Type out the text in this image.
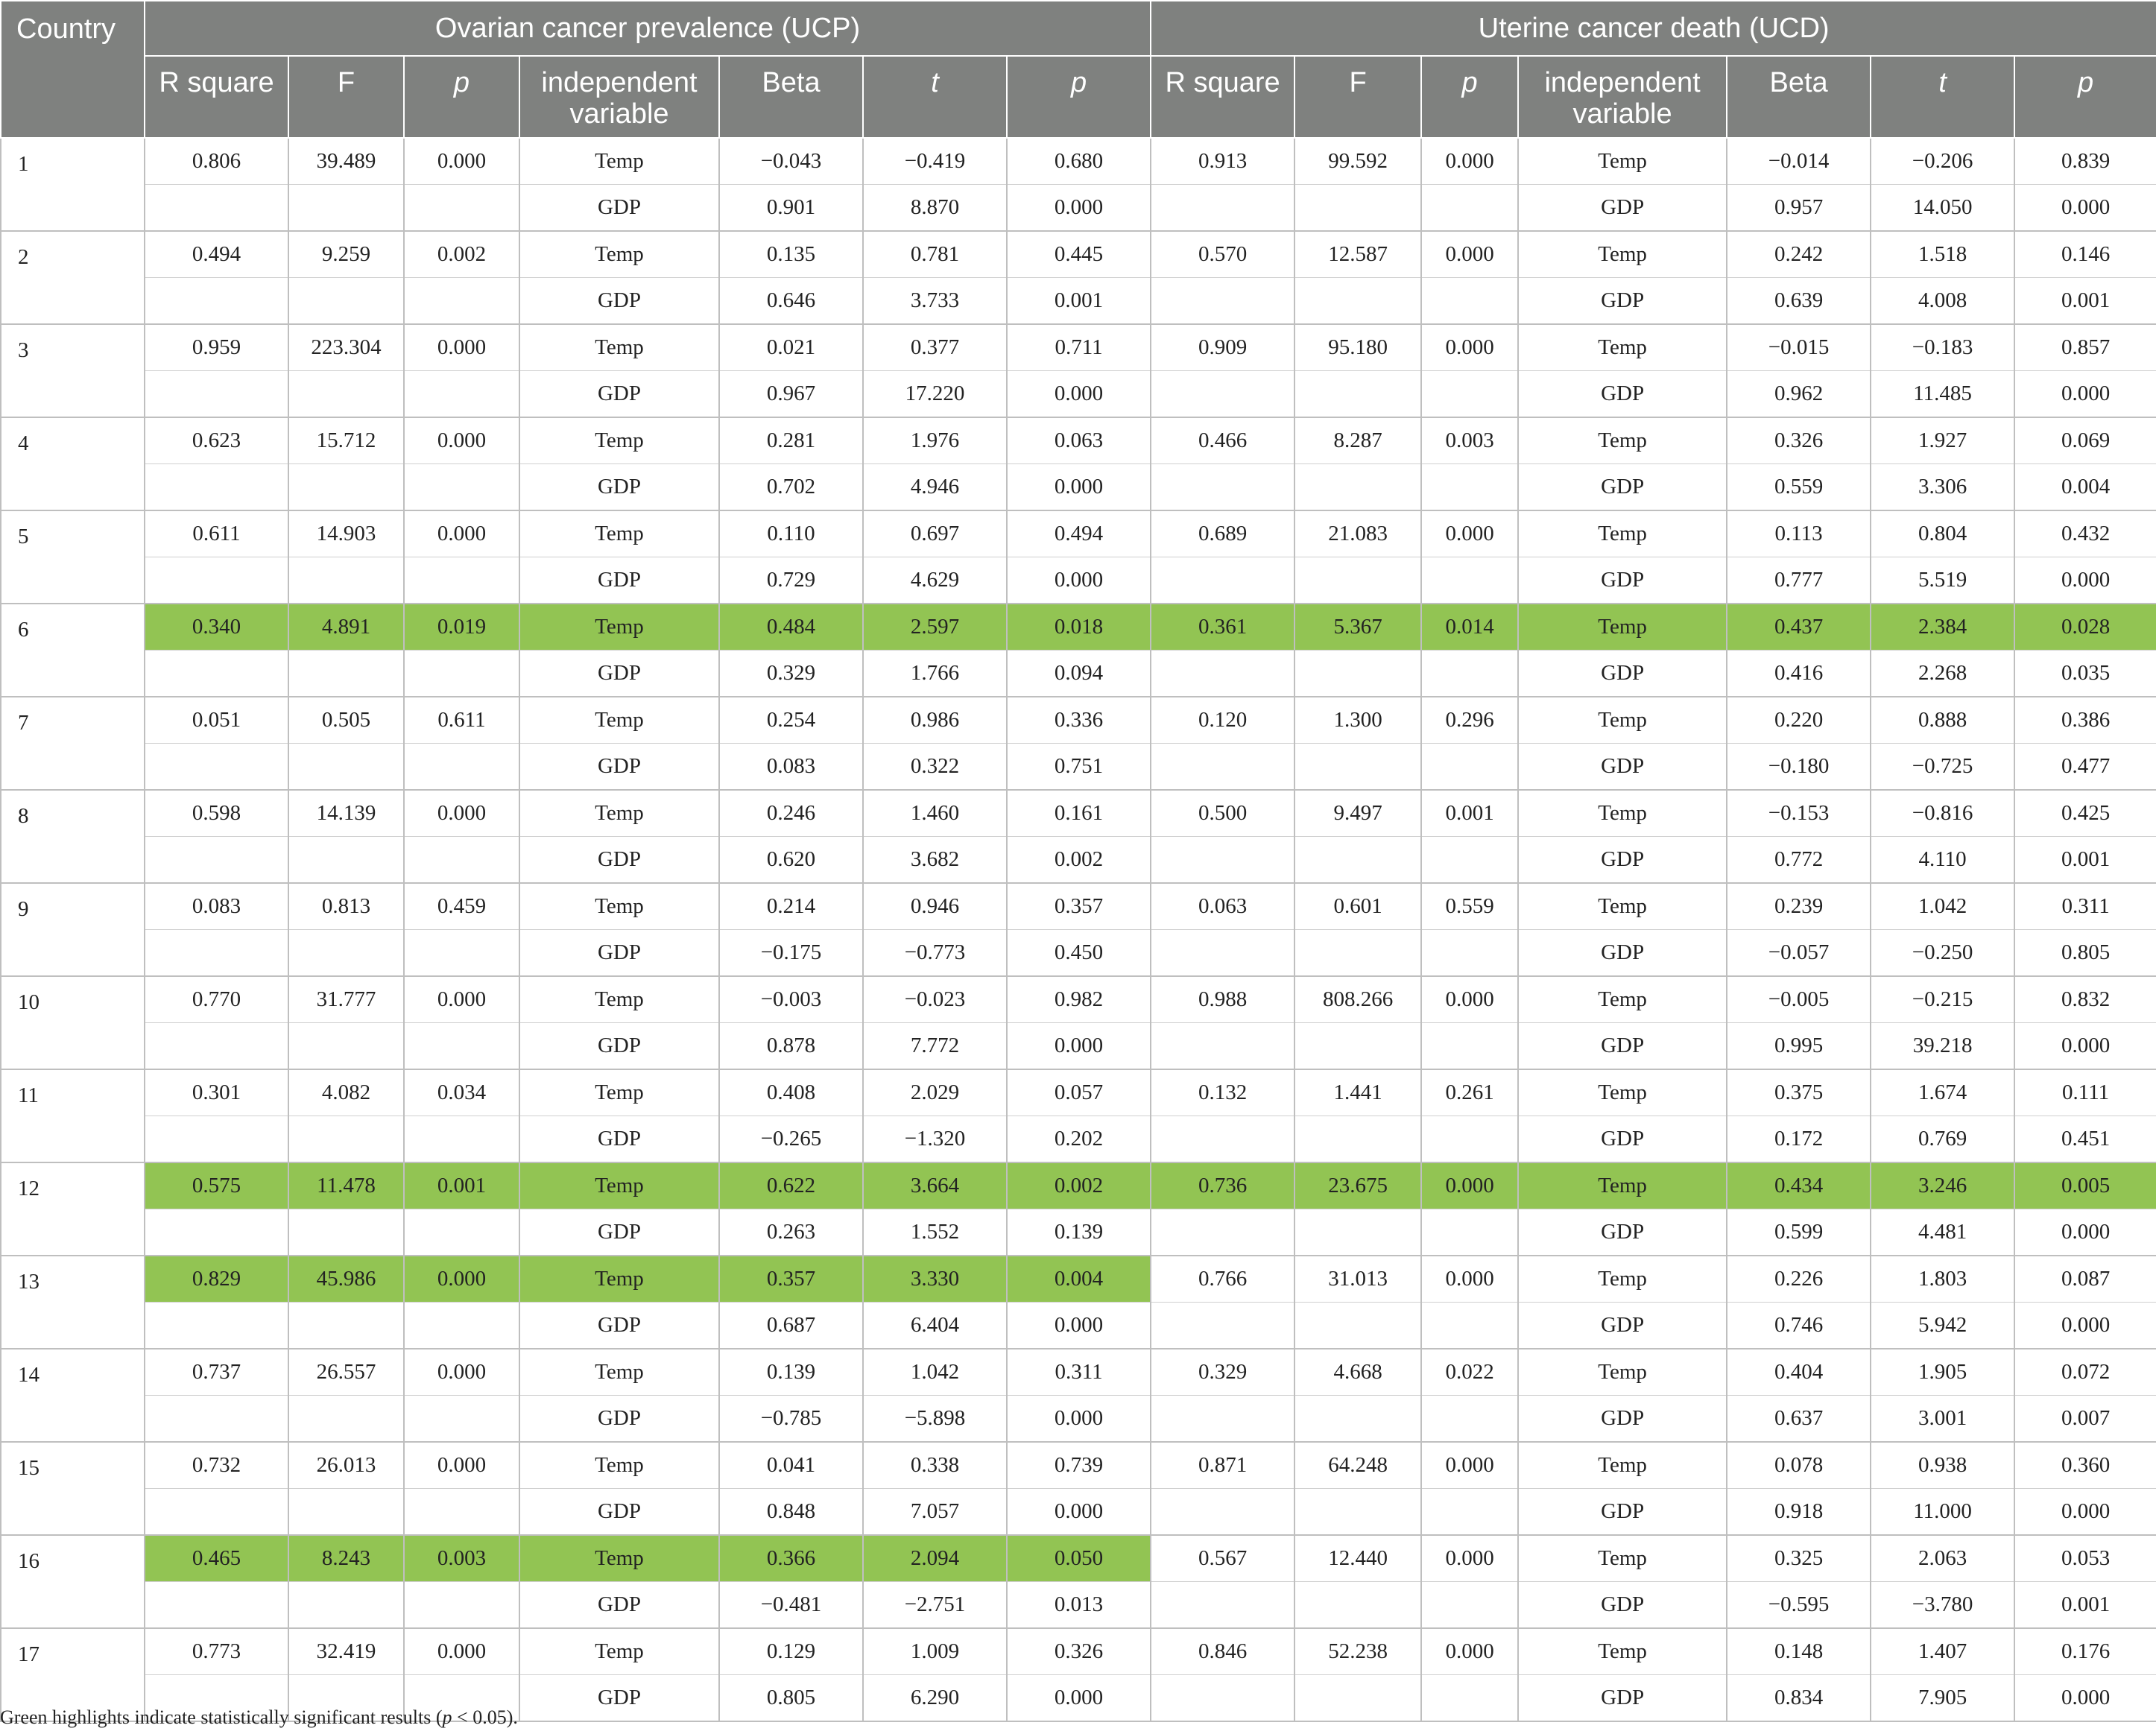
Country	Ovarian cancer prevalence (UCP)							Uterine cancer death (UCD)						
	R square	F	p	independent variable	Beta	t	p	R square	F	p	independent variable	Beta	t	p
1	0.806	39.489	0.000	Temp	−0.043	−0.419	0.680	0.913	99.592	0.000	Temp	−0.014	−0.206	0.839
				GDP	0.901	8.870	0.000				GDP	0.957	14.050	0.000
2	0.494	9.259	0.002	Temp	0.135	0.781	0.445	0.570	12.587	0.000	Temp	0.242	1.518	0.146
				GDP	0.646	3.733	0.001				GDP	0.639	4.008	0.001
3	0.959	223.304	0.000	Temp	0.021	0.377	0.711	0.909	95.180	0.000	Temp	−0.015	−0.183	0.857
				GDP	0.967	17.220	0.000				GDP	0.962	11.485	0.000
4	0.623	15.712	0.000	Temp	0.281	1.976	0.063	0.466	8.287	0.003	Temp	0.326	1.927	0.069
				GDP	0.702	4.946	0.000				GDP	0.559	3.306	0.004
5	0.611	14.903	0.000	Temp	0.110	0.697	0.494	0.689	21.083	0.000	Temp	0.113	0.804	0.432
				GDP	0.729	4.629	0.000				GDP	0.777	5.519	0.000
6	0.340	4.891	0.019	Temp	0.484	2.597	0.018	0.361	5.367	0.014	Temp	0.437	2.384	0.028
				GDP	0.329	1.766	0.094				GDP	0.416	2.268	0.035
7	0.051	0.505	0.611	Temp	0.254	0.986	0.336	0.120	1.300	0.296	Temp	0.220	0.888	0.386
				GDP	0.083	0.322	0.751				GDP	−0.180	−0.725	0.477
8	0.598	14.139	0.000	Temp	0.246	1.460	0.161	0.500	9.497	0.001	Temp	−0.153	−0.816	0.425
				GDP	0.620	3.682	0.002				GDP	0.772	4.110	0.001
9	0.083	0.813	0.459	Temp	0.214	0.946	0.357	0.063	0.601	0.559	Temp	0.239	1.042	0.311
				GDP	−0.175	−0.773	0.450				GDP	−0.057	−0.250	0.805
10	0.770	31.777	0.000	Temp	−0.003	−0.023	0.982	0.988	808.266	0.000	Temp	−0.005	−0.215	0.832
				GDP	0.878	7.772	0.000				GDP	0.995	39.218	0.000
11	0.301	4.082	0.034	Temp	0.408	2.029	0.057	0.132	1.441	0.261	Temp	0.375	1.674	0.111
				GDP	−0.265	−1.320	0.202				GDP	0.172	0.769	0.451
12	0.575	11.478	0.001	Temp	0.622	3.664	0.002	0.736	23.675	0.000	Temp	0.434	3.246	0.005
				GDP	0.263	1.552	0.139				GDP	0.599	4.481	0.000
13	0.829	45.986	0.000	Temp	0.357	3.330	0.004	0.766	31.013	0.000	Temp	0.226	1.803	0.087
				GDP	0.687	6.404	0.000				GDP	0.746	5.942	0.000
14	0.737	26.557	0.000	Temp	0.139	1.042	0.311	0.329	4.668	0.022	Temp	0.404	1.905	0.072
				GDP	−0.785	−5.898	0.000				GDP	0.637	3.001	0.007
15	0.732	26.013	0.000	Temp	0.041	0.338	0.739	0.871	64.248	0.000	Temp	0.078	0.938	0.360
				GDP	0.848	7.057	0.000				GDP	0.918	11.000	0.000
16	0.465	8.243	0.003	Temp	0.366	2.094	0.050	0.567	12.440	0.000	Temp	0.325	2.063	0.053
				GDP	−0.481	−2.751	0.013				GDP	−0.595	−3.780	0.001
17	0.773	32.419	0.000	Temp	0.129	1.009	0.326	0.846	52.238	0.000	Temp	0.148	1.407	0.176
				GDP	0.805	6.290	0.000				GDP	0.834	7.905	0.000
Green highlights indicate statistically significant results (p < 0.05).
